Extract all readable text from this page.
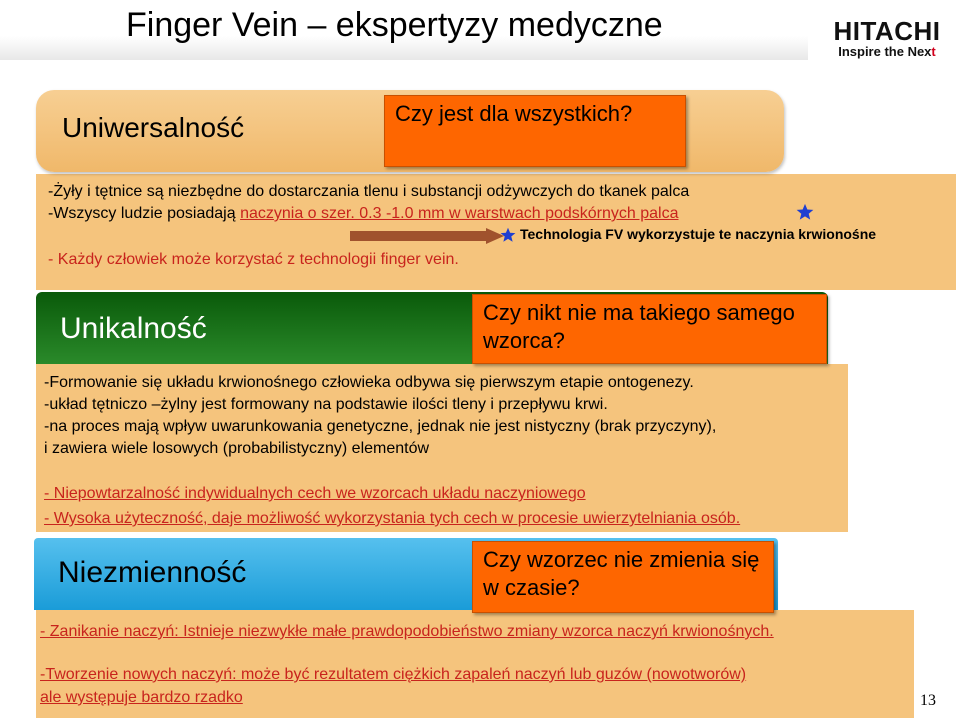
Finger Vein – ekspertyzy medyczne	HITACHI
Inspire the Next
Uniwersalność	Czy jest dla wszystkich?
-Żyły i tętnice są niezbędne do dostarczania tlenu i substancji odżywczych do tkanek palca
-Wszyscy ludzie posiadają naczynia o szer. 0.3 -1.0 mm w warstwach podskórnych palca
Technologia FV wykorzystuje te naczynia krwionośne
- Każdy człowiek może korzystać z technologii finger vein.
Unikalność	Czy nikt nie ma takiego samego wzorca?
-Formowanie się układu krwionośnego człowieka odbywa się pierwszym etapie ontogenezy.
-układ tętniczo –żylny jest formowany na podstawie ilości tleny i przepływu krwi.
-na proces mają wpływ uwarunkowania genetyczne, jednak nie jest nistyczny (brak przyczyny),
i zawiera wiele losowych (probabilistyczny) elementów
- Niepowtarzalność indywidualnych cech we wzorcach układu naczyniowego
- Wysoka użyteczność, daje możliwość wykorzystania tych cech w procesie uwierzytelniania osób.
Niezmienność	Czy wzorzec nie zmienia się w czasie?
- Zanikanie naczyń: Istnieje niezwykłe małe prawdopodobieństwo zmiany wzorca naczyń krwionośnych.
-Tworzenie nowych naczyń: może być rezultatem ciężkich zapaleń naczyń lub guzów (nowotworów)
ale występuje bardzo rzadko	13
